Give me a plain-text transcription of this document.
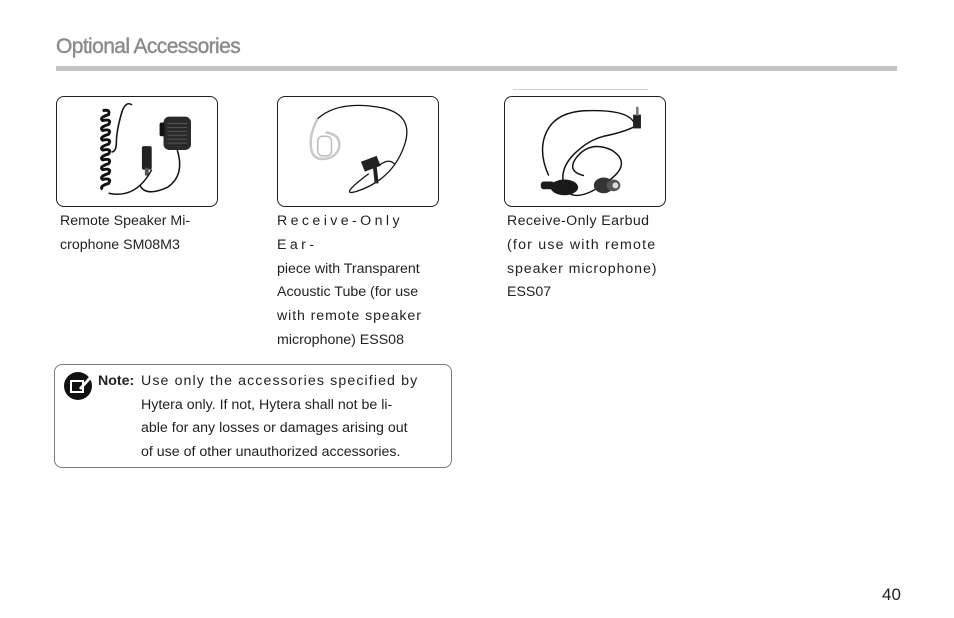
Optional Accessories
Remote Speaker Mi-
crophone SM08M3
Receive-Only Ear-
piece with Transparent
Acoustic Tube (for use
with remote speaker
microphone) ESS08
Receive-Only Earbud
(for use with remote
speaker microphone)
ESS07
Note: Use only the accessories specified by
Hytera only. If not, Hytera shall not be li-
able for any losses or damages arising out
of use of other unauthorized accessories.
40
